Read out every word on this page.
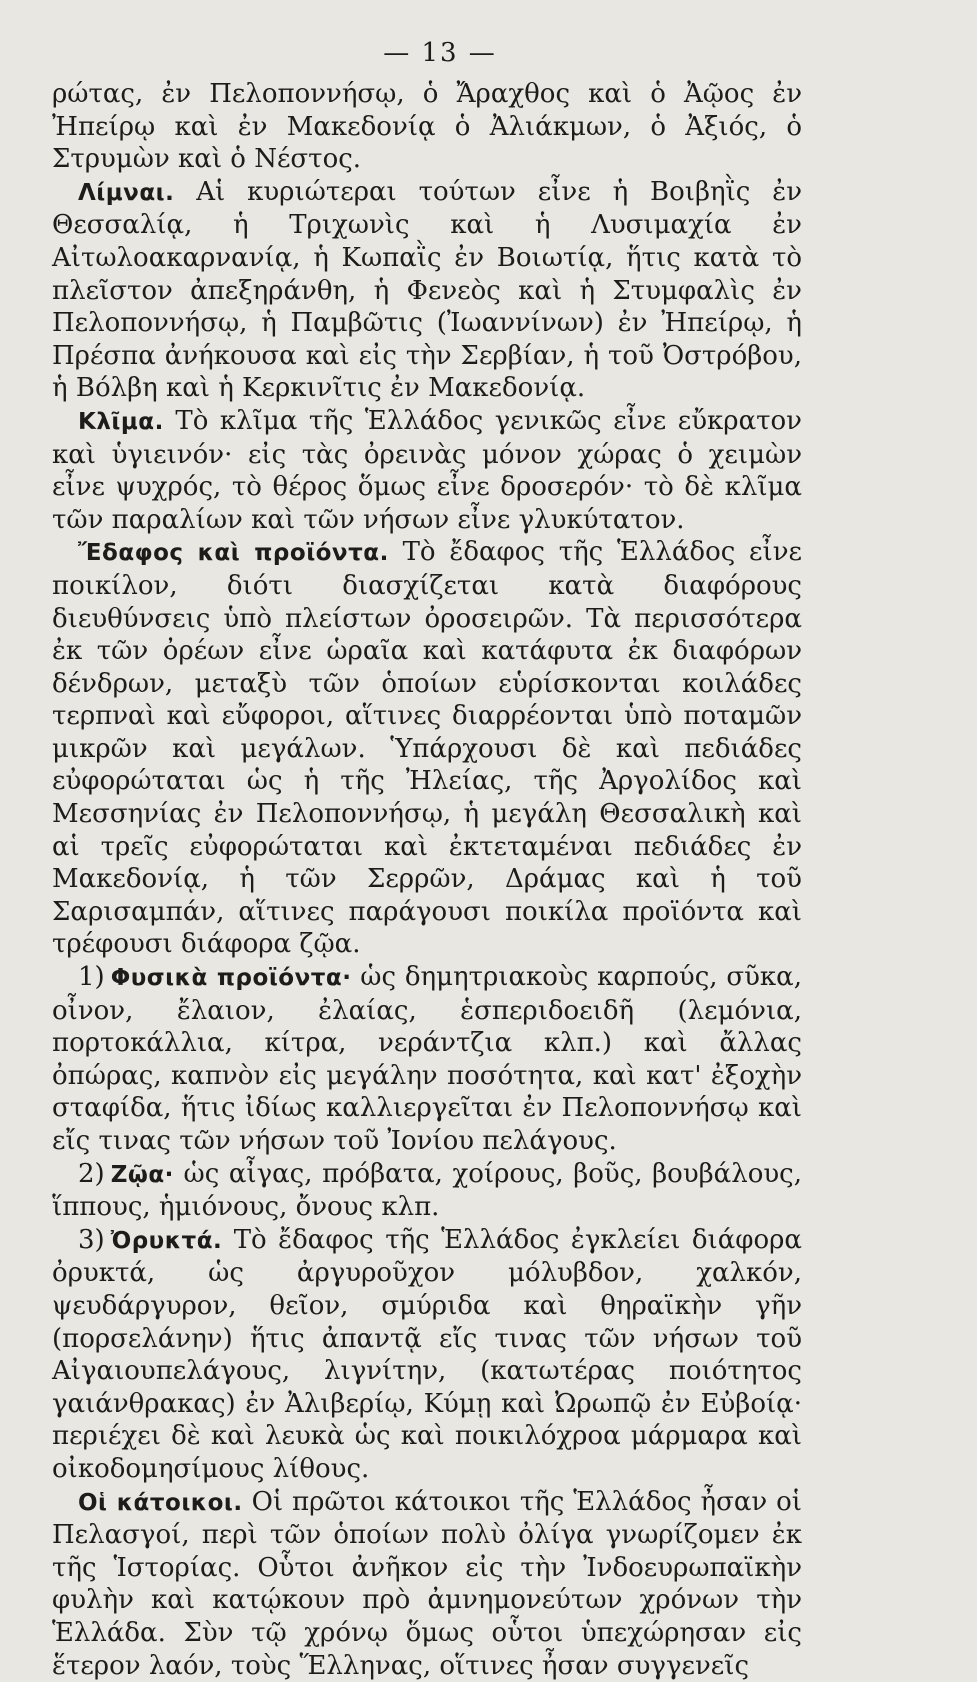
— 13 —

ρώτας, ἐν Πελοποννήσῳ, ὁ Ἄραχθος καὶ ὁ Ἀῷος ἐν Ἠπείρῳ καὶ ἐν Μακεδονίᾳ ὁ Ἀλιάκμων, ὁ Ἀξιός, ὁ Στρυμὼν καὶ ὁ Νέστος.

Λίμναι. Αἱ κυριώτεραι τούτων εἶνε ἡ Βοιβηῒς ἐν Θεσσαλίᾳ, ἡ Τριχωνὶς καὶ ἡ Λυσιμαχία ἐν Αἰτωλοακαρνανίᾳ, ἡ Κωπαῒς ἐν Βοιωτίᾳ, ἥτις κατὰ τὸ πλεῖστον ἀπεξηράνθη, ἡ Φενεὸς καὶ ἡ Στυμφαλὶς ἐν Πελοποννήσῳ, ἡ Παμβῶτις (Ἰωαννίνων) ἐν Ἠπείρῳ, ἡ Πρέσπα ἀνήκουσα καὶ εἰς τὴν Σερβίαν, ἡ τοῦ Ὀστρόβου, ἡ Βόλβη καὶ ἡ Κερκινῖτις ἐν Μακεδονίᾳ.

Κλῖμα. Τὸ κλῖμα τῆς Ἑλλάδος γενικῶς εἶνε εὔκρατον καὶ ὑγιεινόν· εἰς τὰς ὀρεινὰς μόνον χώρας ὁ χειμὼν εἶνε ψυχρός, τὸ θέρος ὅμως εἶνε δροσερόν· τὸ δὲ κλῖμα τῶν παραλίων καὶ τῶν νήσων εἶνε γλυκύτατον.

Ἔδαφος καὶ προϊόντα. Τὸ ἔδαφος τῆς Ἑλλάδος εἶνε ποικίλον, διότι διασχίζεται κατὰ διαφόρους διευθύνσεις ὑπὸ πλείστων ὀροσειρῶν. Τὰ περισσότερα ἐκ τῶν ὀρέων εἶνε ὡραῖα καὶ κατάφυτα ἐκ διαφόρων δένδρων, μεταξὺ τῶν ὁποίων εὑρίσκονται κοιλάδες τερπναὶ καὶ εὔφοροι, αἵτινες διαρρέονται ὑπὸ ποταμῶν μικρῶν καὶ μεγάλων. Ὑπάρχουσι δὲ καὶ πεδιάδες εὐφορώταται ὡς ἡ τῆς Ἠλείας, τῆς Ἀργολίδος καὶ Μεσσηνίας ἐν Πελοποννήσῳ, ἡ μεγάλη Θεσσαλικὴ καὶ αἱ τρεῖς εὐφορώταται καὶ ἐκτεταμέναι πεδιάδες ἐν Μακεδονίᾳ, ἡ τῶν Σερρῶν, Δράμας καὶ ἡ τοῦ Σαρισαμπάν, αἵτινες παράγουσι ποικίλα προϊόντα καὶ τρέφουσι διάφορα ζῷα.

1) Φυσικὰ προϊόντα· ὡς δημητριακοὺς καρπούς, σῦκα, οἶνον, ἔλαιον, ἐλαίας, ἑσπεριδοειδῆ (λεμόνια, πορτοκάλλια, κίτρα, νεράντζια κλπ.) καὶ ἄλλας ὀπώρας, καπνὸν εἰς μεγάλην ποσότητα, καὶ κατ' ἐξοχὴν σταφίδα, ἥτις ἰδίως καλλιεργεῖται ἐν Πελοποννήσῳ καὶ εἴς τινας τῶν νήσων τοῦ Ἰονίου πελάγους.

2) Ζῷα· ὡς αἶγας, πρόβατα, χοίρους, βοῦς, βουβάλους, ἵππους, ἡμιόνους, ὄνους κλπ.

3) Ὀρυκτά. Τὸ ἔδαφος τῆς Ἑλλάδος ἐγκλείει διάφορα ὀρυκτά, ὡς ἀργυροῦχον μόλυβδον, χαλκόν, ψευδάργυρον, θεῖον, σμύριδα καὶ θηραϊκὴν γῆν (πορσελάνην) ἥτις ἀπαντᾷ εἴς τινας τῶν νήσων τοῦ Αἰγαιουπελάγους, λιγνίτην, (κατωτέρας ποιότητος γαιάνθρακας) ἐν Ἀλιβερίῳ, Κύμῃ καὶ Ὠρωπῷ ἐν Εὐβοίᾳ· περιέχει δὲ καὶ λευκὰ ὡς καὶ ποικιλόχροα μάρμαρα καὶ οἰκοδομησίμους λίθους.

Οἱ κάτοικοι. Οἱ πρῶτοι κάτοικοι τῆς Ἑλλάδος ἦσαν οἱ Πελασγοί, περὶ τῶν ὁποίων πολὺ ὀλίγα γνωρίζομεν ἐκ τῆς Ἱστορίας. Οὗτοι ἀνῆκον εἰς τὴν Ἰνδοευρωπαϊκὴν φυλὴν καὶ κατῴκουν πρὸ ἀμνημονεύτων χρόνων τὴν Ἑλλάδα. Σὺν τῷ χρόνῳ ὅμως οὗτοι ὑπεχώρησαν εἰς ἕτερον λαόν, τοὺς Ἕλληνας, οἵτινες ἦσαν συγγενεῖς
